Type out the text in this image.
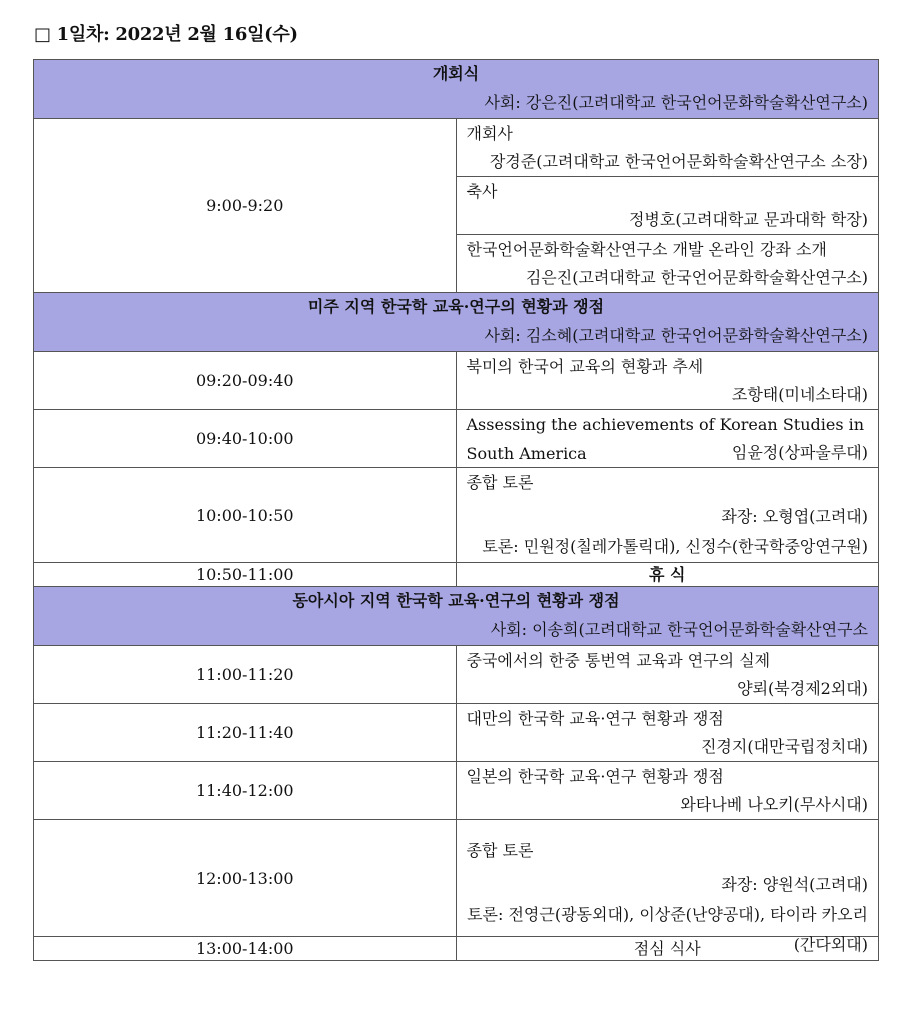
□ 1일차: 2022년 2월 16일(수)
개회식
사회: 강은진(고려대학교 한국언어문화학술확산연구소)	

9:00-9:20	개회사
장경준(고려대학교 한국언어문화학술확산연구소 소장)

	축사
정병호(고려대학교 문과대학 학장)

	한국언어문화학술확산연구소 개발 온라인 강좌 소개
김은진(고려대학교 한국언어문화학술확산연구소)

미주 지역 한국학 교육·연구의 현황과 쟁점
사회: 김소혜(고려대학교 한국언어문화학술확산연구소)	

09:20-09:40	북미의 한국어 교육의 현황과 추세
조항태(미네소타대)

09:40-10:00	Assessing the achievements of Korean Studies in South America 임윤정(상파울루대)

10:00-10:50	종합 토론
좌장: 오형엽(고려대)
토론: 민원정(칠레가톨릭대), 신정수(한국학중앙연구원)

10:50-11:00	휴 식

동아시아 지역 한국학 교육·연구의 현황과 쟁점
사회: 이송희(고려대학교 한국언어문화학술확산연구소	

11:00-11:20	중국에서의 한중 통번역 교육과 연구의 실제
양뢰(북경제2외대)

11:20-11:40	대만의 한국학 교육·연구 현황과 쟁점
진경지(대만국립정치대)

11:40-12:00	일본의 한국학 교육·연구 현황과 쟁점
와타나베 나오키(무사시대)

12:00-13:00	종합 토론
좌장: 양원석(고려대)
토론: 전영근(광동외대), 이상준(난양공대), 타이라 카오리(간다외대)

13:00-14:00	점심 식사
